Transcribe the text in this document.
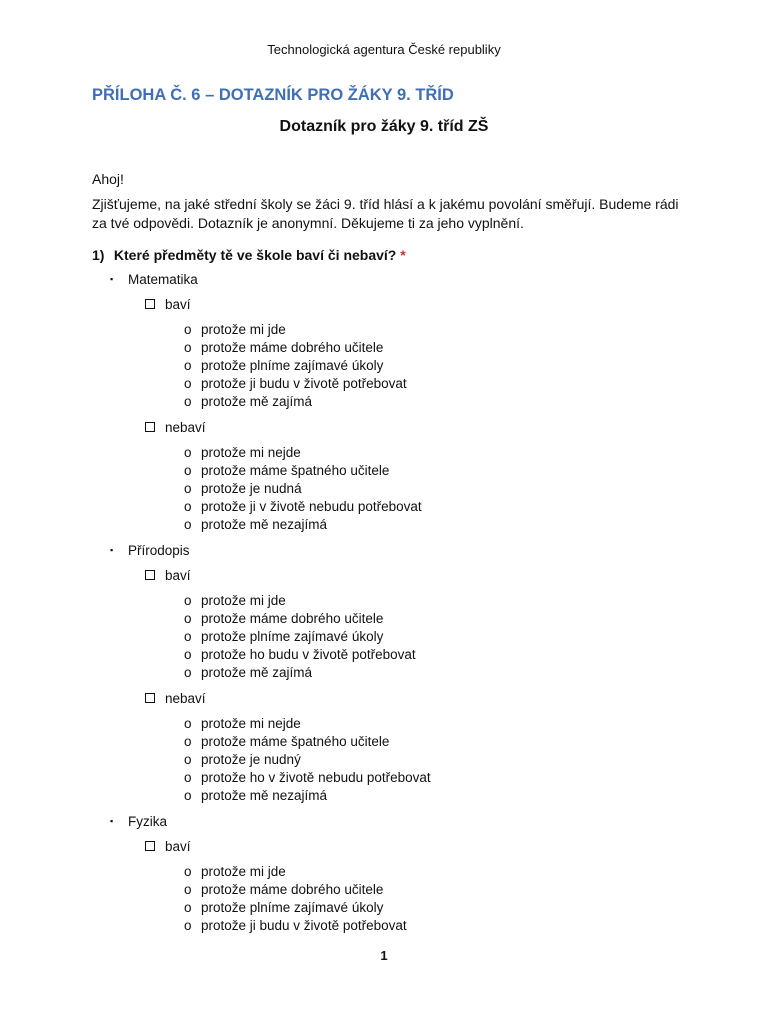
Technologická agentura České republiky
PŘÍLOHA Č. 6 – DOTAZNÍK PRO ŽÁKY 9. TŘÍD
Dotazník pro žáky 9. tříd ZŠ
Ahoj!
Zjišťujeme, na jaké střední školy se žáci 9. tříd hlásí a k jakému povolání směřují. Budeme rádi za tvé odpovědi. Dotazník je anonymní. Děkujeme ti za jeho vyplnění.
1) Které předměty tě ve škole baví či nebaví? *
▪ Matematika
baví
o protože mi jde
o protože máme dobrého učitele
o protože plníme zajímavé úkoly
o protože ji budu v životě potřebovat
o protože mě zajímá
nebaví
o protože mi nejde
o protože máme špatného učitele
o protože je nudná
o protože ji v životě nebudu potřebovat
o protože mě nezajímá
▪ Přírodopis
baví
o protože mi jde
o protože máme dobrého učitele
o protože plníme zajímavé úkoly
o protože ho budu v životě potřebovat
o protože mě zajímá
nebaví
o protože mi nejde
o protože máme špatného učitele
o protože je nudný
o protože ho v životě nebudu potřebovat
o protože mě nezajímá
▪ Fyzika
baví
o protože mi jde
o protože máme dobrého učitele
o protože plníme zajímavé úkoly
o protože ji budu v životě potřebovat
1
